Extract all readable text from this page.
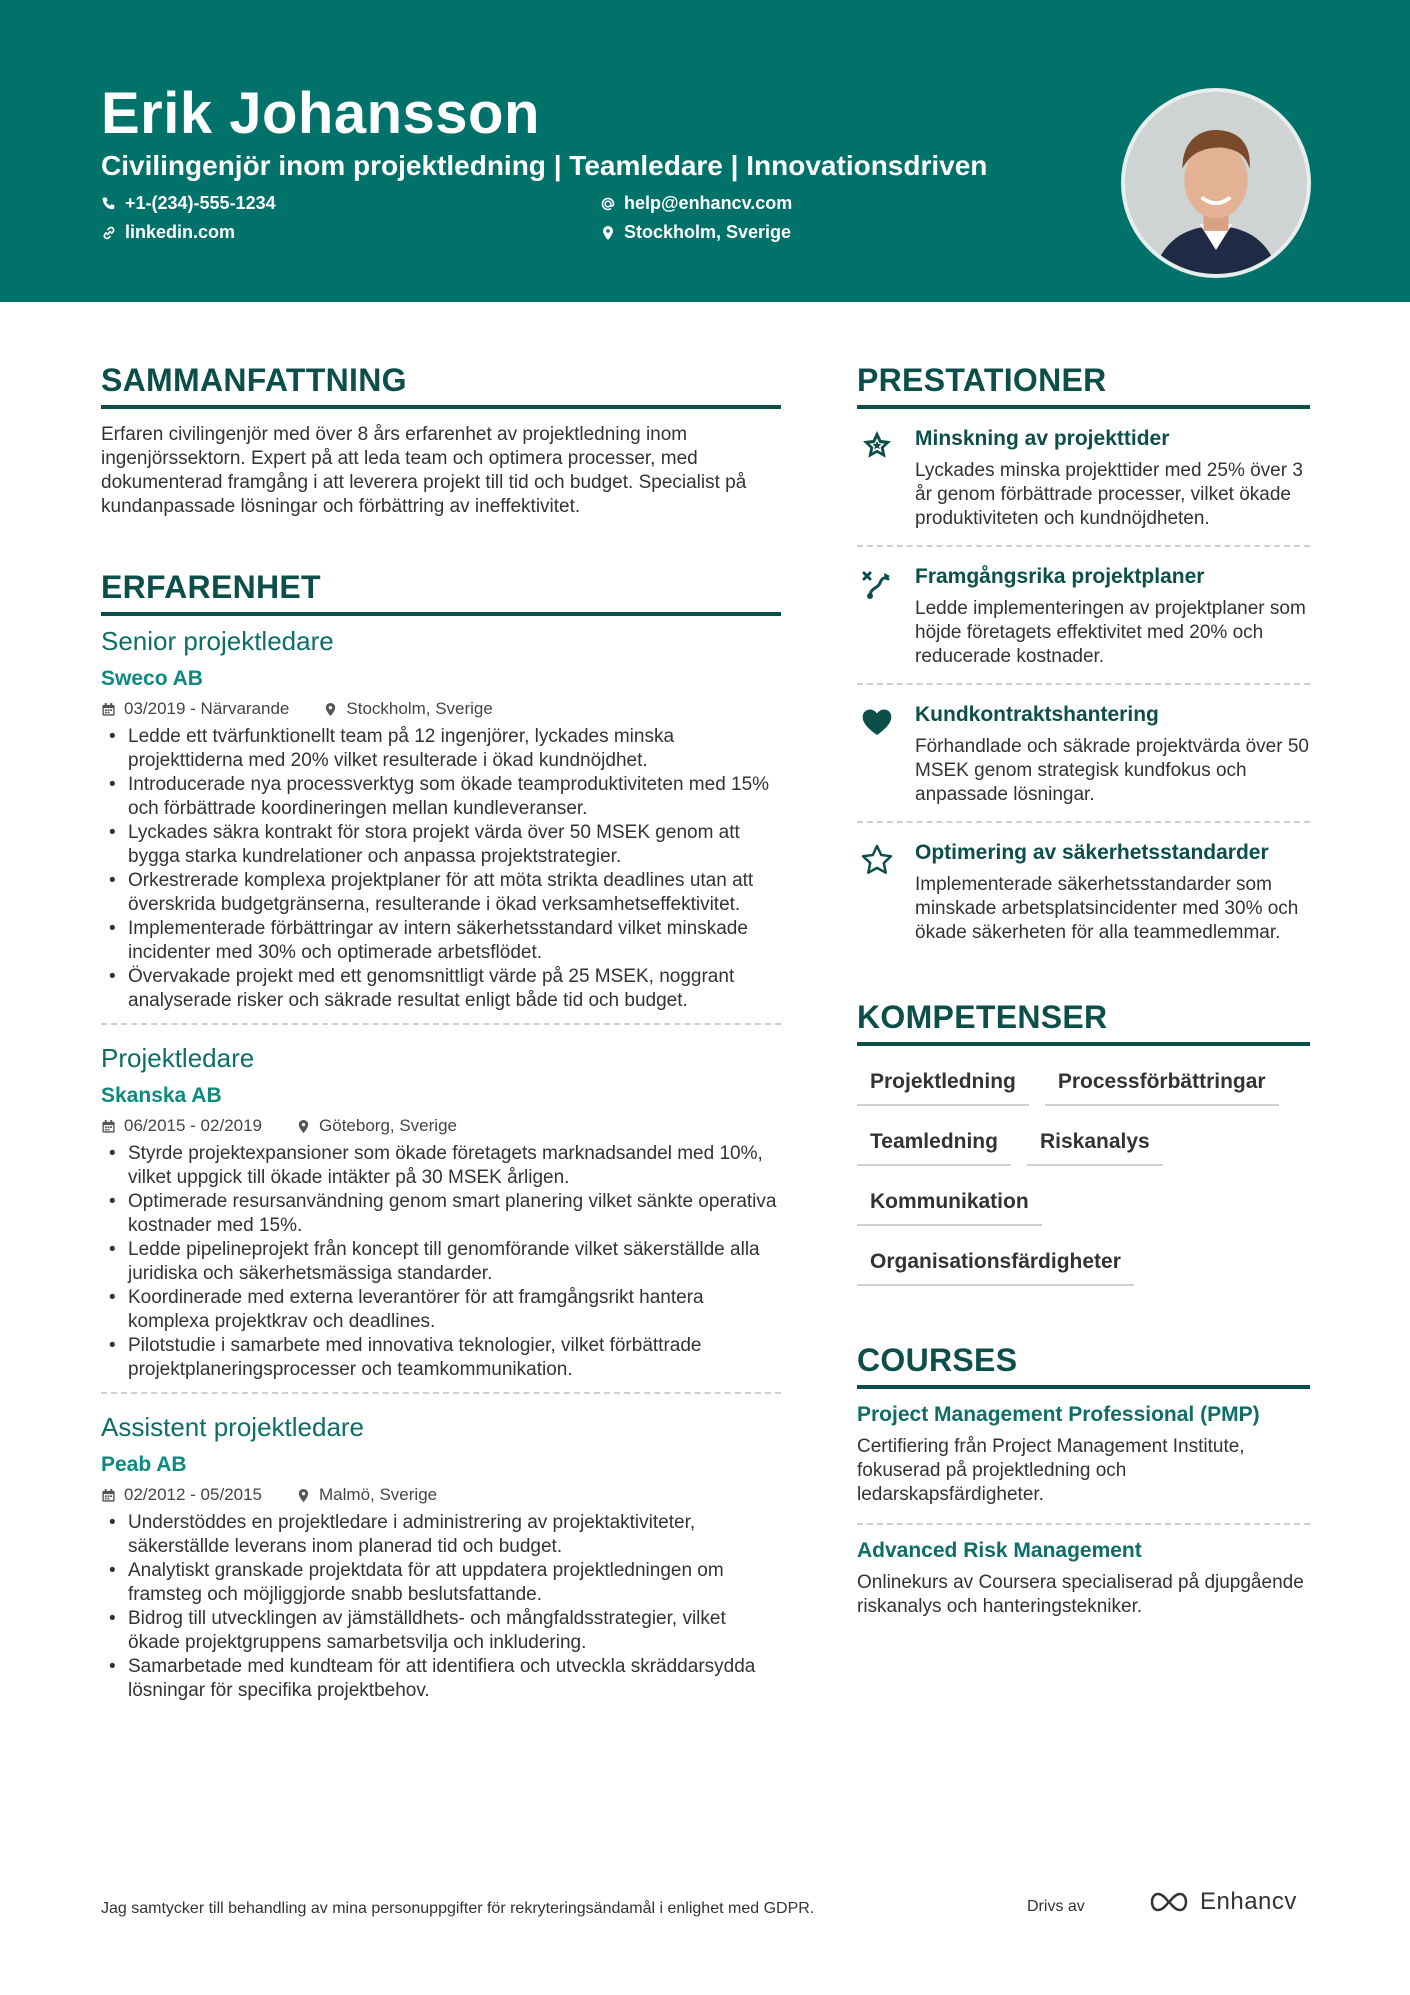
Erik Johansson
Civilingenjör inom projektledning | Teamledare | Innovationsdriven
+1-(234)-555-1234	help@enhancv.com
linkedin.com	Stockholm, Sverige
SAMMANFATTNING

Erfaren civilingenjör med över 8 års erfarenhet av projektledning inom ingenjörssektorn. Expert på att leda team och optimera processer, med dokumenterad framgång i att leverera projekt till tid och budget. Specialist på kundanpassade lösningar och förbättring av ineffektivitet.

ERFARENHET
Senior projektledare
Sweco AB
03/2019 - Närvarande	Stockholm, Sverige
• Ledde ett tvärfunktionellt team på 12 ingenjörer, lyckades minska projekttiderna med 20% vilket resulterade i ökad kundnöjdhet.
• Introducerade nya processverktyg som ökade teamproduktiviteten med 15% och förbättrade koordineringen mellan kundleveranser.
• Lyckades säkra kontrakt för stora projekt värda över 50 MSEK genom att bygga starka kundrelationer och anpassa projektstrategier.
• Orkestrerade komplexa projektplaner för att möta strikta deadlines utan att överskrida budgetgränserna, resulterande i ökad verksamhetseffektivitet.
• Implementerade förbättringar av intern säkerhetsstandard vilket minskade incidenter med 30% och optimerade arbetsflödet.
• Övervakade projekt med ett genomsnittligt värde på 25 MSEK, noggrant analyserade risker och säkrade resultat enligt både tid och budget.
Projektledare
Skanska AB
06/2015 - 02/2019	Göteborg, Sverige
• Styrde projektexpansioner som ökade företagets marknadsandel med 10%, vilket uppgick till ökade intäkter på 30 MSEK årligen.
• Optimerade resursanvändning genom smart planering vilket sänkte operativa kostnader med 15%.
• Ledde pipelineprojekt från koncept till genomförande vilket säkerställde alla juridiska och säkerhetsmässiga standarder.
• Koordinerade med externa leverantörer för att framgångsrikt hantera komplexa projektkrav och deadlines.
• Pilotstudie i samarbete med innovativa teknologier, vilket förbättrade projektplaneringsprocesser och teamkommunikation.
Assistent projektledare
Peab AB
02/2012 - 05/2015	Malmö, Sverige
• Understöddes en projektledare i administrering av projektaktiviteter, säkerställde leverans inom planerad tid och budget.
• Analytiskt granskade projektdata för att uppdatera projektledningen om framsteg och möjliggjorde snabb beslutsfattande.
• Bidrog till utvecklingen av jämställdhets- och mångfaldsstrategier, vilket ökade projektgruppens samarbetsvilja och inkludering.
• Samarbetade med kundteam för att identifiera och utveckla skräddarsydda lösningar för specifika projektbehov.
PRESTATIONER
Minskning av projekttider
Lyckades minska projekttider med 25% över 3 år genom förbättrade processer, vilket ökade produktiviteten och kundnöjdheten.
Framgångsrika projektplaner
Ledde implementeringen av projektplaner som höjde företagets effektivitet med 20% och reducerade kostnader.
Kundkontraktshantering
Förhandlade och säkrade projektvärda över 50 MSEK genom strategisk kundfokus och anpassade lösningar.
Optimering av säkerhetsstandarder
Implementerade säkerhetsstandarder som minskade arbetsplatsincidenter med 30% och ökade säkerheten för alla teammedlemmar.
KOMPETENSER
Projektledning	Processförbättringar
Teamledning	Riskanalys
Kommunikation
Organisationsfärdigheter
COURSES
Project Management Professional (PMP)
Certifiering från Project Management Institute, fokuserad på projektledning och ledarskapsfärdigheter.
Advanced Risk Management
Onlinekurs av Coursera specialiserad på djupgående riskanalys och hanteringstekniker.
Jag samtycker till behandling av mina personuppgifter för rekryteringsändamål i enlighet med GDPR.	Drivs av	Enhancv
